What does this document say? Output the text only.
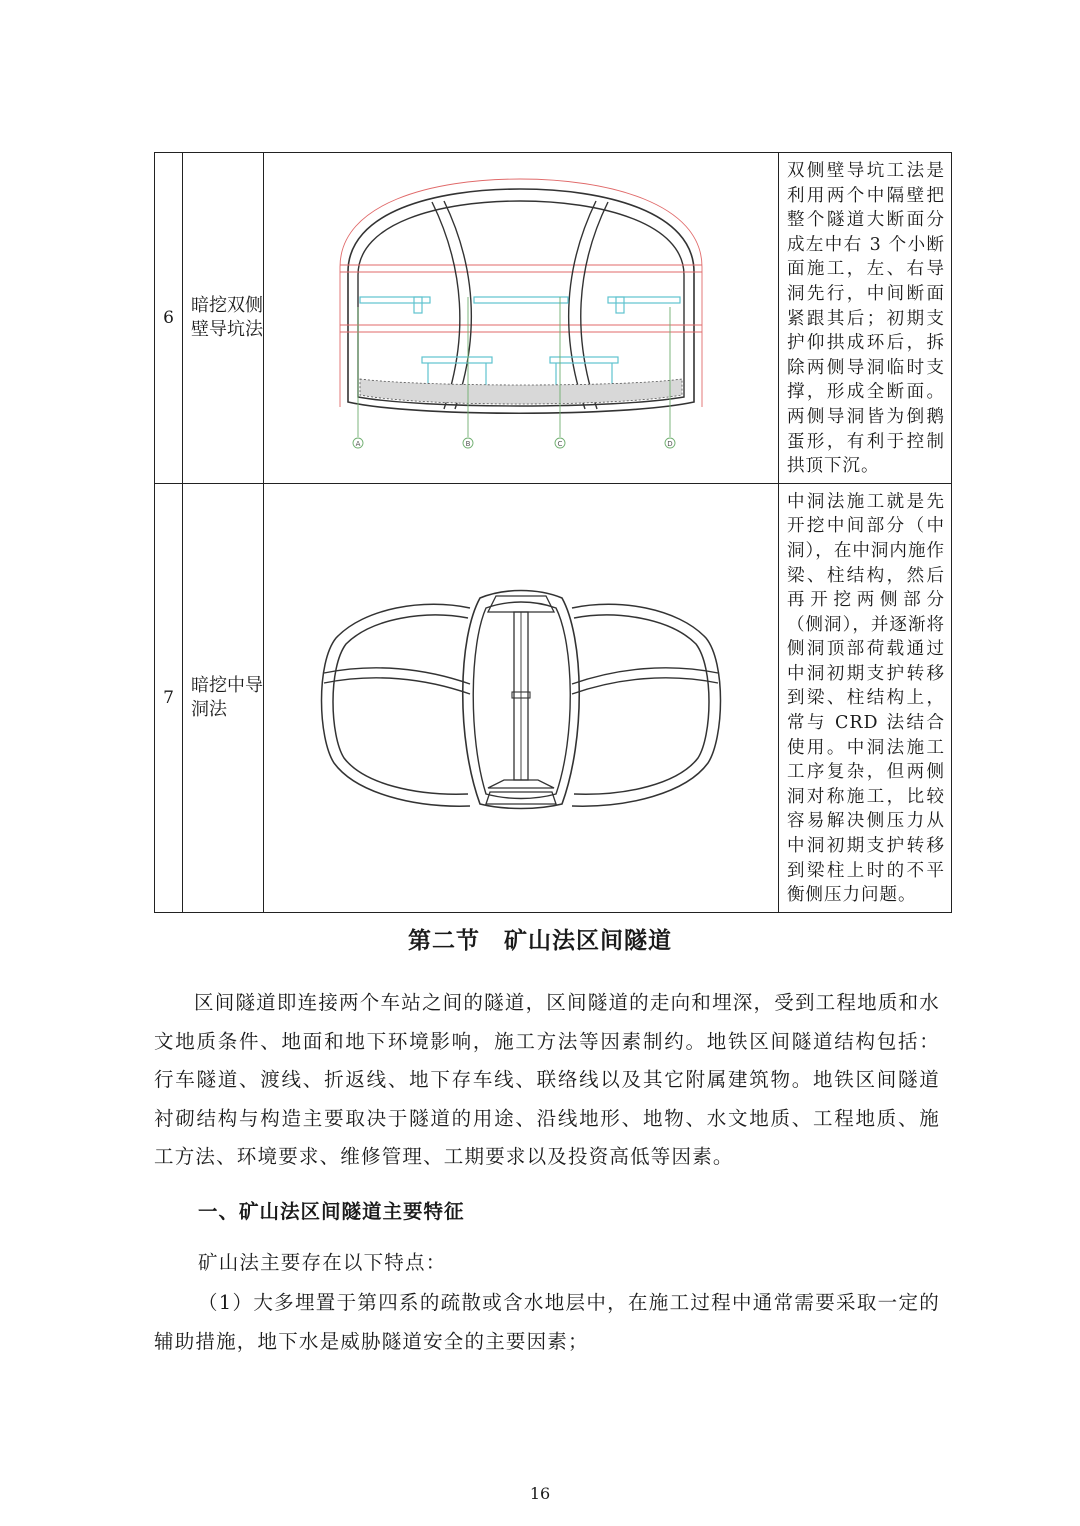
6	暗挖双侧壁导坑法	A B C D	双侧壁导坑工法是利用两个中隔壁把整个隧道大断面分成左中右 3 个小断面施工，左、右导洞先行，中间断面紧跟其后；初期支护仰拱成环后，拆除两侧导洞临时支撑，形成全断面。两侧导洞皆为倒鹅蛋形，有利于控制拱顶下沉。
7	暗挖中导洞法		中洞法施工就是先开挖中间部分（中洞），在中洞内施作梁、柱结构，然后再开挖两侧部分（侧洞），并逐渐将侧洞顶部荷载通过中洞初期支护转移到梁、柱结构上，常与 CRD 法结合使用。中洞法施工工序复杂，但两侧洞对称施工，比较容易解决侧压力从中洞初期支护转移到梁柱上时的不平衡侧压力问题。
第二节　矿山法区间隧道

区间隧道即连接两个车站之间的隧道，区间隧道的走向和埋深，受到工程地质和水文地质条件、地面和地下环境影响，施工方法等因素制约。地铁区间隧道结构包括：行车隧道、渡线、折返线、地下存车线、联络线以及其它附属建筑物。地铁区间隧道衬砌结构与构造主要取决于隧道的用途、沿线地形、地物、水文地质、工程地质、施工方法、环境要求、维修管理、工期要求以及投资高低等因素。

一、矿山法区间隧道主要特征

矿山法主要存在以下特点：

（1）大多埋置于第四系的疏散或含水地层中，在施工过程中通常需要采取一定的辅助措施，地下水是威胁隧道安全的主要因素；

16
